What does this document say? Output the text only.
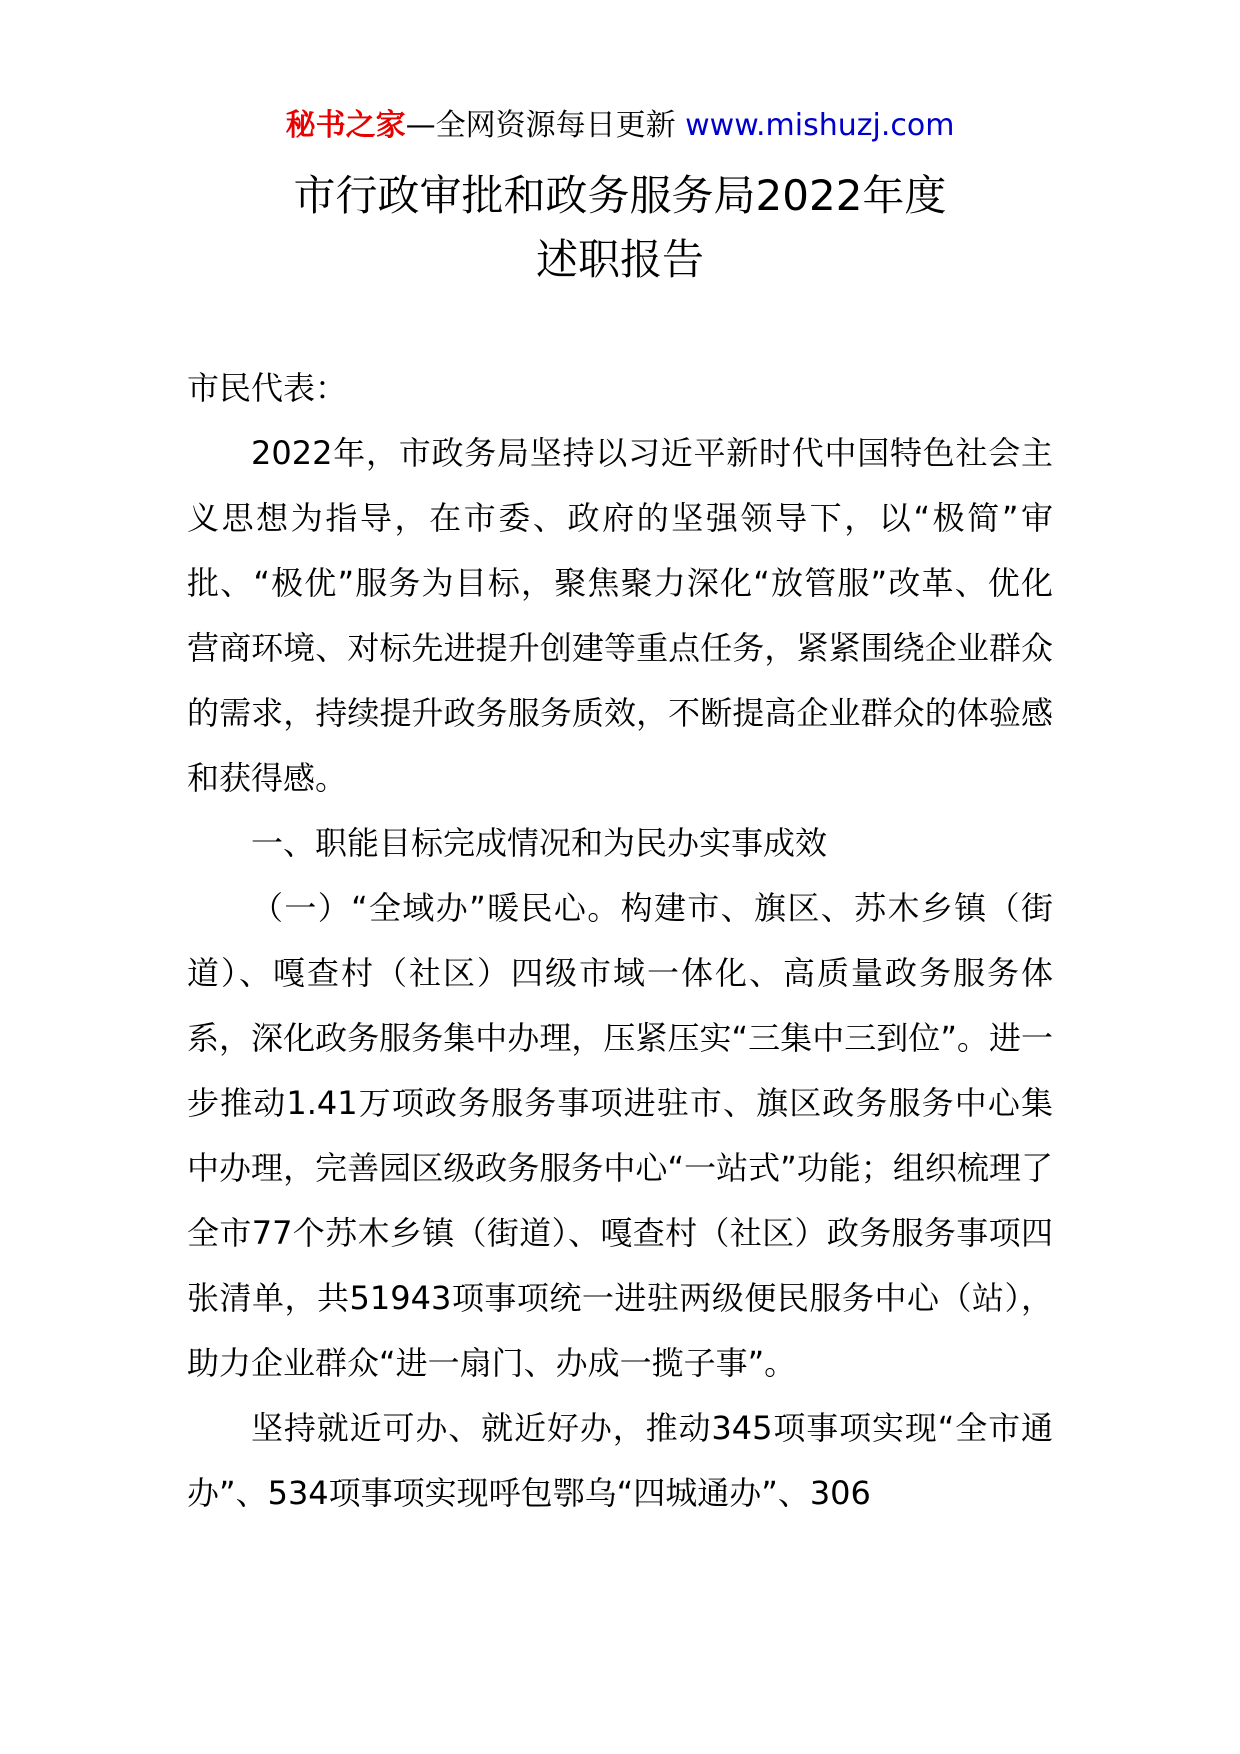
秘书之家—全网资源每日更新 www.mishuzj.com
市行政审批和政务服务局2022年度
述职报告

市民代表：

2022年，市政务局坚持以习近平新时代中国特色社会主义思想为指导，在市委、政府的坚强领导下，以“极简”审批、“极优”服务为目标，聚焦聚力深化“放管服”改革、优化营商环境、对标先进提升创建等重点任务，紧紧围绕企业群众的需求，持续提升政务服务质效，不断提高企业群众的体验感和获得感。

一、职能目标完成情况和为民办实事成效

（一）“全域办”暖民心。构建市、旗区、苏木乡镇（街道）、嘎查村（社区）四级市域一体化、高质量政务服务体系，深化政务服务集中办理，压紧压实“三集中三到位”。进一步推动1.41万项政务服务事项进驻市、旗区政务服务中心集中办理，完善园区级政务服务中心“一站式”功能；组织梳理了全市77个苏木乡镇（街道）、嘎查村（社区）政务服务事项四张清单，共51943项事项统一进驻两级便民服务中心（站），助力企业群众“进一扇门、办成一揽子事”。

坚持就近可办、就近好办，推动345项事项实现“全市通办”、534项事项实现呼包鄂乌“四城通办”、306
